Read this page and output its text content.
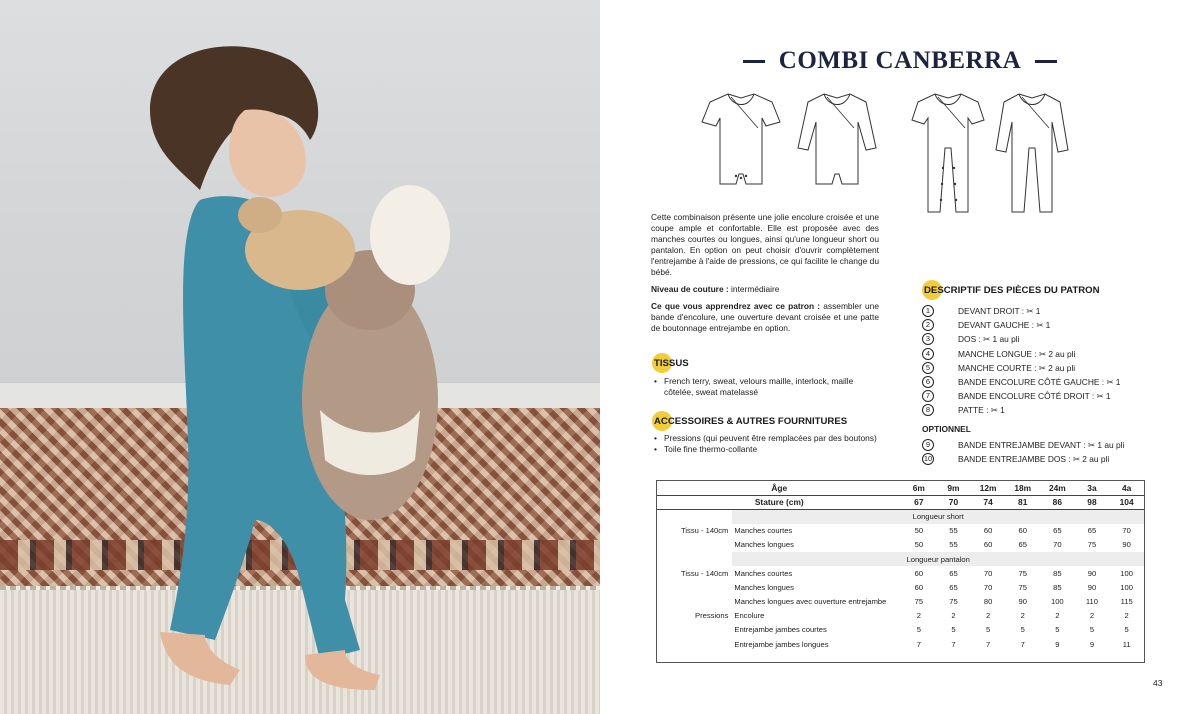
COMBI CANBERRA

Cette combinaison présente une jolie encolure croisée et une coupe ample et confortable. Elle est proposée avec des manches courtes ou longues, ainsi qu'une longueur short ou pantalon. En option on peut choisir d'ouvrir complètement l'entrejambe à l'aide de pressions, ce qui facilite le change du bébé.

Niveau de couture : intermédiaire

Ce que vous apprendrez avec ce patron : assembler une bande d'encolure, une ouverture devant croisée et une patte de boutonnage entrejambe en option.

TISSUS
• French terry, sweat, velours maille, interlock, maille côtelée, sweat matelassé
ACCESSOIRES & AUTRES FOURNITURES
• Pressions (qui peuvent être remplacées par des boutons)
• Toile fine thermo-collante
DESCRIPTIF DES PIÈCES DU PATRON
1	DEVANT DROIT : ✂ 1
2	DEVANT GAUCHE : ✂ 1
3	DOS : ✂ 1 au pli
4	MANCHE LONGUE : ✂ 2 au pli
5	MANCHE COURTE : ✂ 2 au pli
6	BANDE ENCOLURE CÔTÉ GAUCHE : ✂ 1
7	BANDE ENCOLURE CÔTÉ DROIT : ✂ 1
8	PATTE : ✂ 1
OPTIONNEL
9	BANDE ENTREJAMBE DEVANT : ✂ 1 au pli
10	BANDE ENTREJAMBE DOS : ✂ 2 au pli
Âge		6m	9m	12m	18m	24m	3a	4a
Stature (cm)		67	70	74	81	86	98	104
	Longueur short							
Tissu - 140cm	Manches courtes	50	55	60	60	65	65	70
	Manches longues	50	55	60	65	70	75	90
	Longueur pantalon							
Tissu - 140cm	Manches courtes	60	65	70	75	85	90	100
	Manches longues	60	65	70	75	85	90	100
	Manches longues avec ouverture entrejambe	75	75	80	90	100	110	115
Pressions	Encolure	2	2	2	2	2	2	2
	Entrejambe jambes courtes	5	5	5	5	5	5	5
	Entrejambe jambes longues	7	7	7	7	9	9	11
43
